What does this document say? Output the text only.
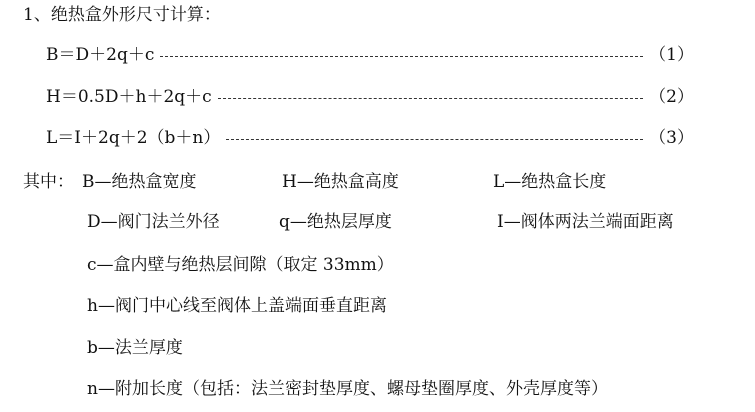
1、绝热盒外形尺寸计算：
B＝D＋2q＋c	（1）
H＝0.5D＋h＋2q＋c	（2）
L＝I＋2q＋2（b＋n）	（3）
其中： B—绝热盒宽度	H—绝热盒高度	L—绝热盒长度
D—阀门法兰外径	q—绝热层厚度	I—阀体两法兰端面距离
c—盒内壁与绝热层间隙（取定 33mm）
h—阀门中心线至阀体上盖端面垂直距离
b—法兰厚度
n—附加长度（包括：法兰密封垫厚度、螺母垫圈厚度、外壳厚度等）
